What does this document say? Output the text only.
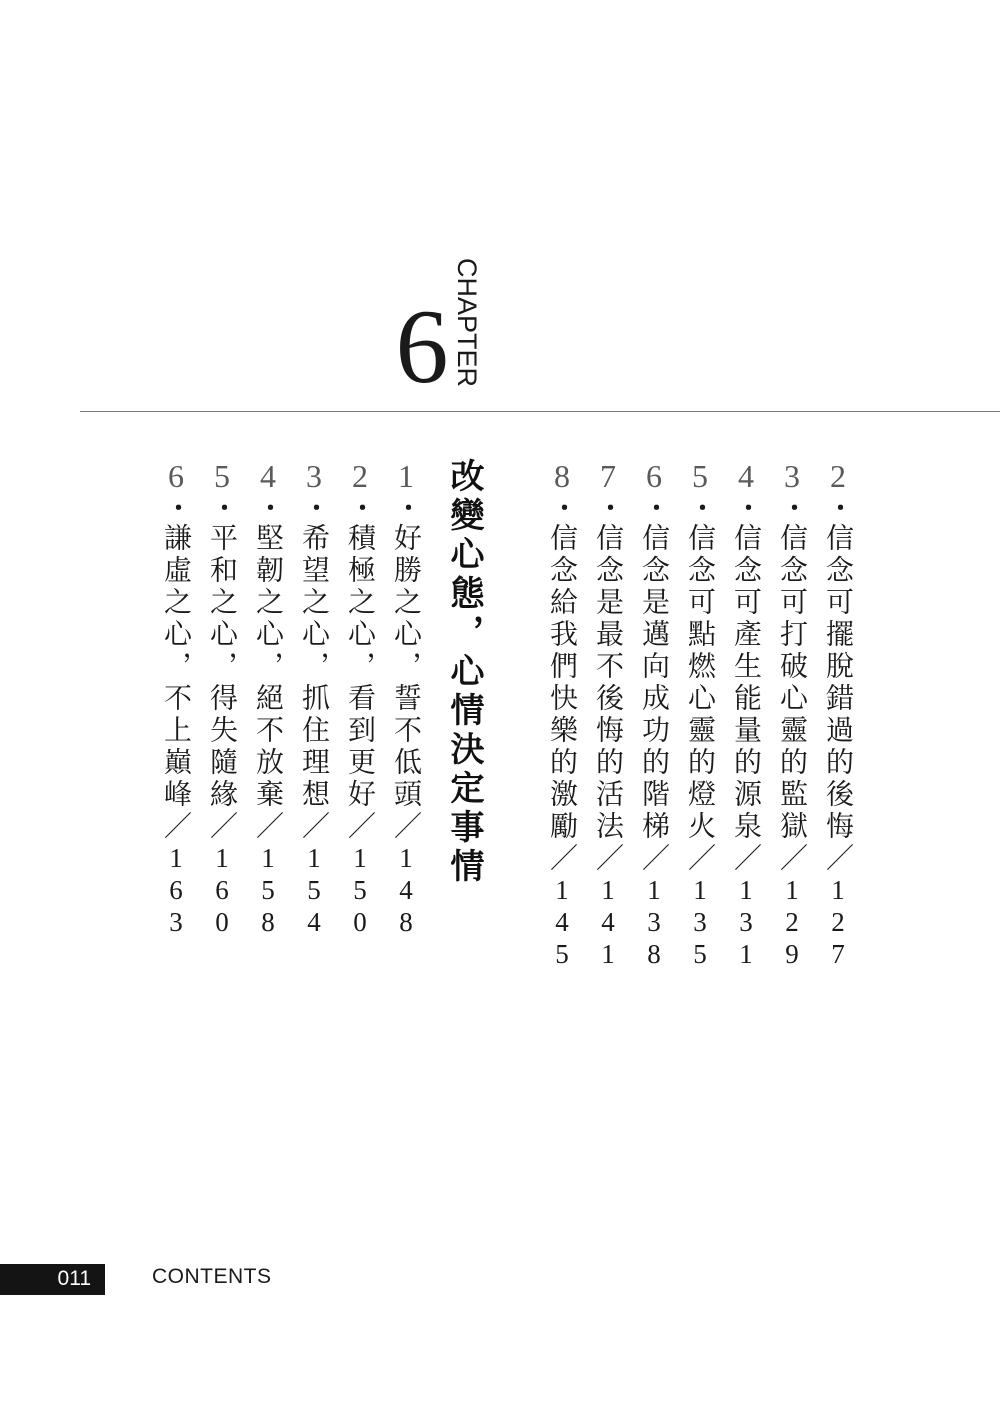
6 CHAPTER
2・信念可擺脫錯過的後悔／127
3・信念可打破心靈的監獄／129
4・信念可產生能量的源泉／131
5・信念可點燃心靈的燈火／135
6・信念是邁向成功的階梯／138
7・信念是最不後悔的活法／141
8・信念給我們快樂的激勵／145
改變心態，心情決定事情
1・好勝之心，誓不低頭／148
2・積極之心，看到更好／150
3・希望之心，抓住理想／154
4・堅韌之心，絕不放棄／158
5・平和之心，得失隨緣／160
6・謙虛之心，不上巔峰／163
011	CONTENTS
